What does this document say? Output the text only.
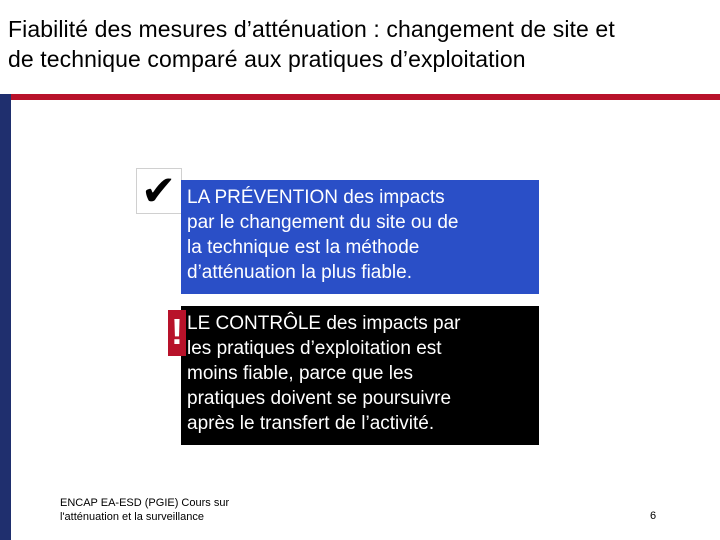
Fiabilité des mesures d’atténuation : changement de site et
de technique comparé aux pratiques d’exploitation
✔ LA PRÉVENTION des impacts
par le changement du site ou de
la technique est la méthode
d’atténuation la plus fiable.
LE CONTRÔLE des impacts par
les pratiques d’exploitation est
moins fiable, parce que les
pratiques doivent se poursuivre
après le transfert de l’activité.
!
ENCAP EA-ESD (PGIE) Cours sur
l'atténuation et la surveillance	6
